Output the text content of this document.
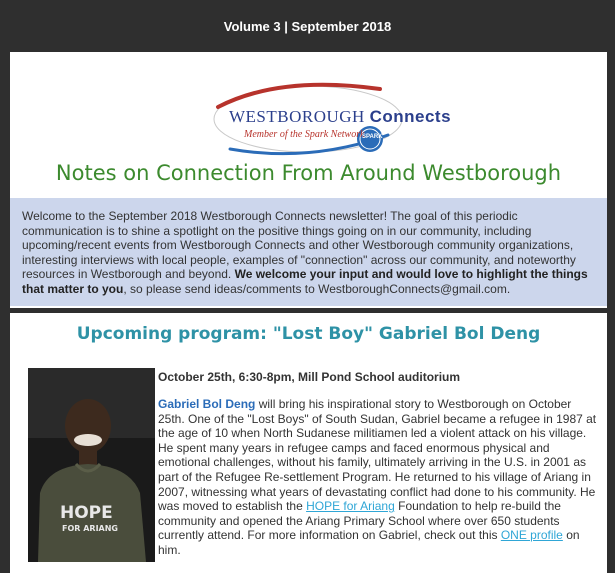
Volume 3 | September 2018
WESTBOROUGH Connects
Member of the Spark Network
SPARK
Notes on Connection From Around Westborough

Welcome to the September 2018 Westborough Connects newsletter! The goal of this periodic communication is to shine a spotlight on the positive things going on in our community, including upcoming/recent events from Westborough Connects and other Westborough community organizations, interesting interviews with local people, examples of "connection" across our community, and noteworthy resources in Westborough and beyond. We welcome your input and would love to highlight the things that matter to you, so please send ideas/comments to WestboroughConnects@gmail.com.

Upcoming program: "Lost Boy" Gabriel Bol Deng
HOPE
FOR ARIANG
October 25th, 6:30-8pm, Mill Pond School auditorium

Gabriel Bol Deng will bring his inspirational story to Westborough on October 25th. One of the "Lost Boys" of South Sudan, Gabriel became a refugee in 1987 at the age of 10 when North Sudanese militiamen led a violent attack on his village. He spent many years in refugee camps and faced enormous physical and emotional challenges, without his family, ultimately arriving in the U.S. in 2001 as part of the Refugee Re-settlement Program. He returned to his village of Ariang in 2007, witnessing what years of devastating conflict had done to his community. He was moved to establish the HOPE for Ariang Foundation to help re-build the community and opened the Ariang Primary School where over 650 students currently attend. For more information on Gabriel, check out this ONE profile on him.
